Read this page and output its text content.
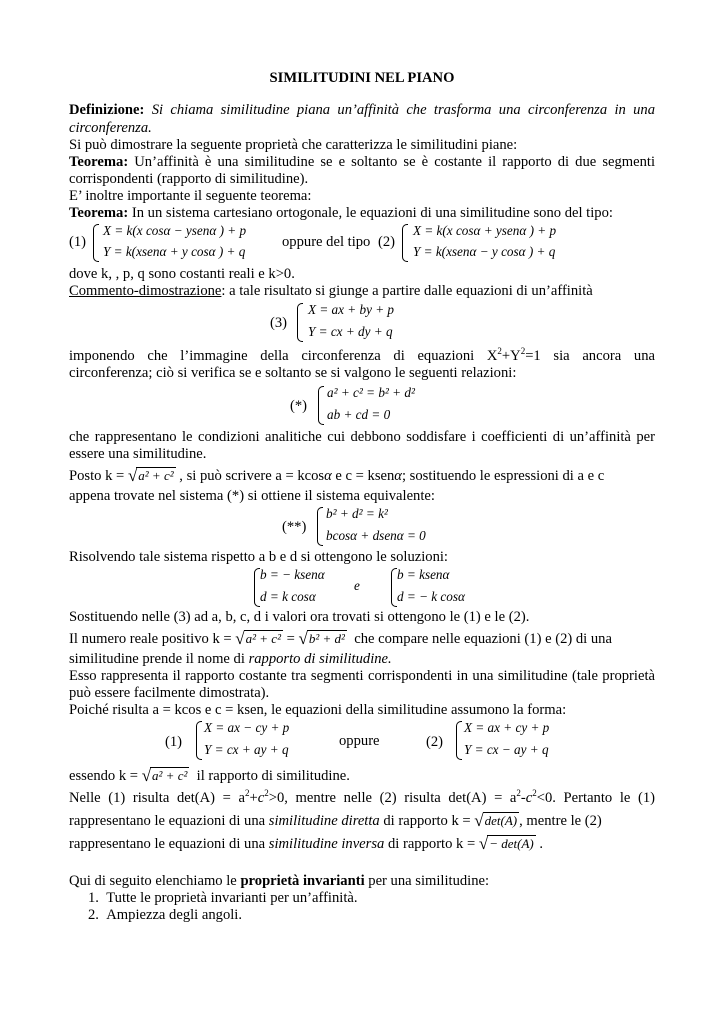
SIMILITUDINI NEL PIANO
Definizione: Si chiama similitudine piana un’affinità che trasforma una circonferenza in una
circonferenza.
Si può dimostrare la seguente proprietà che caratterizza le similitudini piane:
Teorema: Un’affinità è una similitudine se e soltanto se è costante il rapporto di due segmenti
corrispondenti (rapporto di similitudine).
E’ inoltre importante il seguente teorema:
Teorema: In un sistema cartesiano ortogonale, le equazioni di una similitudine sono del tipo:
(1)
X = k(x cosα − ysenα ) + p
Y = k(xsenα + y cosα ) + q
oppure del tipo (2)
X = k(x cosα + ysenα ) + p
Y = k(xsenα − y cosα ) + q
dove k, , p, q sono costanti reali e k>0.
Commento-dimostrazione: a tale risultato si giunge a partire dalle equazioni di un’affinità
(3)
X = ax + by + p
Y = cx + dy + q
imponendo che l’immagine della circonferenza di equazioni $X^2+Y^2=1$ sia ancora una
circonferenza; ciò si verifica se e soltanto se si valgono le seguenti relazioni:
(*)
a² + c² = b² + d²
ab + cd = 0
che rappresentano le condizioni analitiche cui debbono soddisfare i coefficienti di un’affinità per
essere una similitudine.
Posto k = √a² + c² , si può scrivere a = kcosα e c = ksenα; sostituendo le espressioni di a e c
appena trovate nel sistema (*) si ottiene il sistema equivalente:
(**)
b² + d² = k²
bcosα + dsenα = 0
Risolvendo tale sistema rispetto a b e d si ottengono le soluzioni:
b = − ksenα
d = k cosα
e
b = ksenα
d = − k cosα
Sostituendo nelle (3) ad a, b, c, d i valori ora trovati si ottengono le (1) e le (2).
Il numero reale positivo k = √a² + c² = √b² + d² che compare nelle equazioni (1) e (2) di una
similitudine prende il nome di rapporto di similitudine.
Esso rappresenta il rapporto costante tra segmenti corrispondenti in una similitudine (tale proprietà
può essere facilmente dimostrata).
Poiché risulta a = kcos e c = ksen, le equazioni della similitudine assumono la forma:
(1)
X = ax − cy + p
Y = cx + ay + q
oppure	(2)
X = ax + cy + p
Y = cx − ay + q
essendo k = √a² + c² il rapporto di similitudine.
Nelle (1) risulta $\det(A) = a^2+c^2>0$, mentre nelle (2) risulta $\det(A) = a^2-c^2<0$. Pertanto le (1)
rappresentano le equazioni di una similitudine diretta di rapporto k = √det(A) , mentre le (2)
rappresentano le equazioni di una similitudine inversa di rapporto k = √− det(A) .
Qui di seguito elenchiamo le proprietà invarianti per una similitudine:
1. Tutte le proprietà invarianti per un’affinità.
2. Ampiezza degli angoli.
